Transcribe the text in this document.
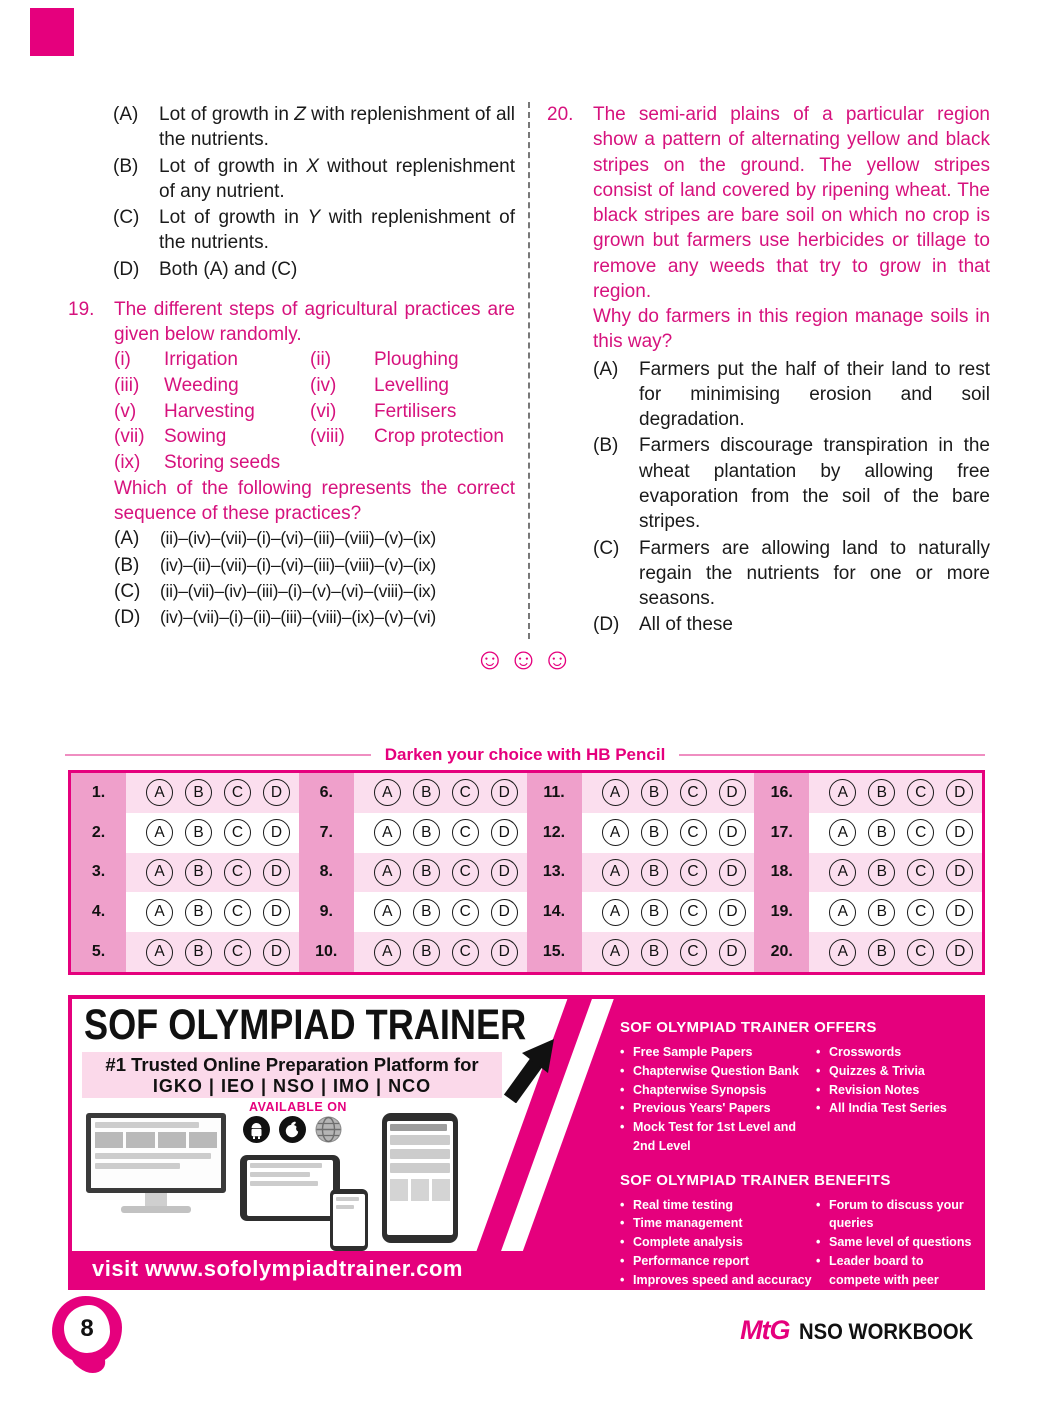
(A)	Lot of growth in Z with replenishment of all the nutrients.
(B)	Lot of growth in X without replenishment of any nutrient.
(C)	Lot of growth in Y with replenishment of the nutrients.
(D)	Both (A) and (C)
19.	The different steps of agricultural practices are given below randomly.
(i)	Irrigation	(ii)	Ploughing
(iii)	Weeding	(iv)	Levelling
(v)	Harvesting	(vi)	Fertilisers
(vii)	Sowing	(viii)	Crop protection
(ix)	Storing seeds
Which of the following represents the correct sequence of these practices?
(A)	(ii)–(iv)–(vii)–(i)–(vi)–(iii)–(viii)–(v)–(ix)
(B)	(iv)–(ii)–(vii)–(i)–(vi)–(iii)–(viii)–(v)–(ix)
(C)	(ii)–(vii)–(iv)–(iii)–(i)–(v)–(vi)–(viii)–(ix)
(D)	(iv)–(vii)–(i)–(ii)–(iii)–(viii)–(ix)–(v)–(vi)
20.	The semi-arid plains of a particular region show a pattern of alternating yellow and black stripes on the ground. The yellow stripes consist of land covered by ripening wheat. The black stripes are bare soil on which no crop is grown but farmers use herbicides or tillage to remove any weeds that try to grow in that region.
Why do farmers in this region manage soils in this way?
(A)	Farmers put the half of their land to rest for minimising erosion and soil degradation.
(B)	Farmers discourage transpiration in the wheat plantation by allowing free evaporation from the soil of the bare stripes.
(C)	Farmers are allowing land to naturally regain the nutrients for one or more seasons.
(D)	All of these
☺☺☺
Darken your choice with HB Pencil
1.	A	B	C	D
2.	A	B	C	D
3.	A	B	C	D
4.	A	B	C	D
5.	A	B	C	D
6.	A	B	C	D
7.	A	B	C	D
8.	A	B	C	D
9.	A	B	C	D
10.	A	B	C	D
11.	A	B	C	D
12.	A	B	C	D
13.	A	B	C	D
14.	A	B	C	D
15.	A	B	C	D
16.	A	B	C	D
17.	A	B	C	D
18.	A	B	C	D
19.	A	B	C	D
20.	A	B	C	D
SOF OLYMPIAD TRAINER
#1 Trusted Online Preparation Platform for
IGKO | IEO | NSO | IMO | NCO
AVAILABLE ON
visit www.sofolympiadtrainer.com
SOF OLYMPIAD TRAINER OFFERS
• Free Sample Papers
• Chapterwise Question Bank
• Chapterwise Synopsis
• Previous Years' Papers
• Mock Test for 1st Level and 2nd Level
• Crosswords
• Quizzes & Trivia
• Revision Notes
• All India Test Series
SOF OLYMPIAD TRAINER BENEFITS
• Real time testing
• Time management
• Complete analysis
• Performance report
• Improves speed and accuracy
• Forum to discuss your queries
• Same level of questions
• Leader board to compete with peer group and much more
8	MtG NSO WORKBOOK
